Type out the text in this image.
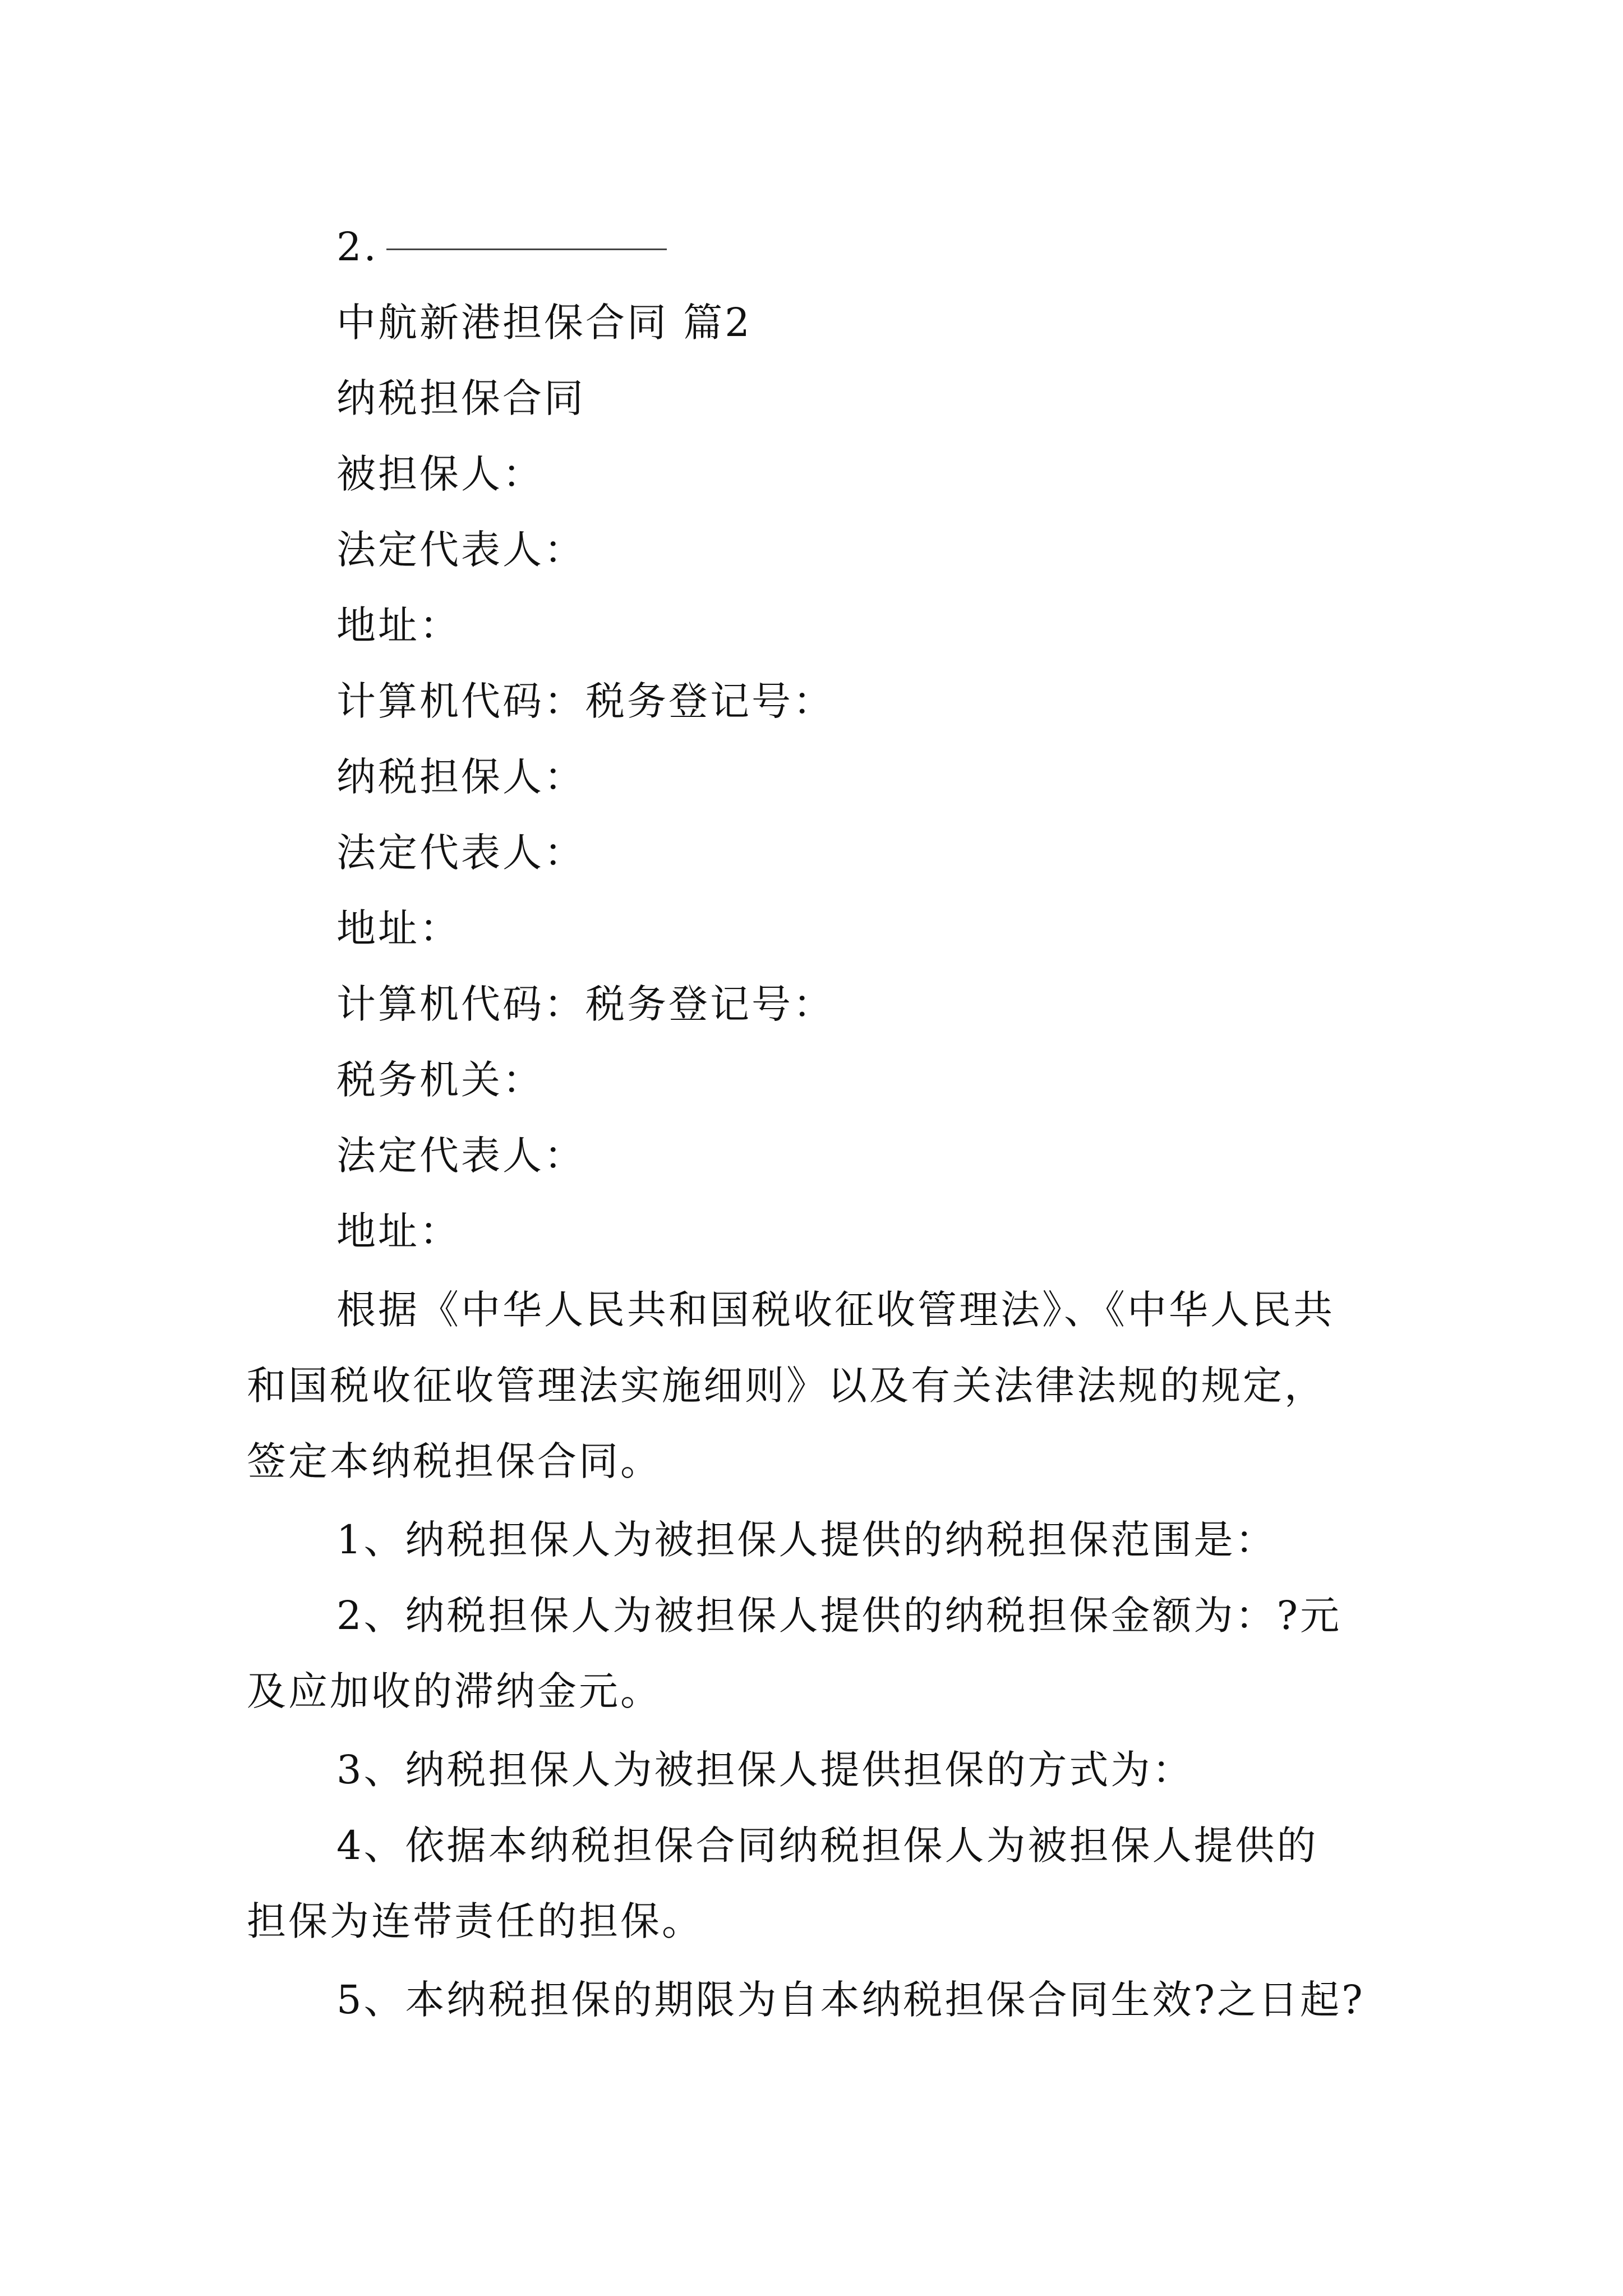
2.
中航新港担保合同 篇2
纳税担保合同
被担保人：
法定代表人：
地址：
计算机代码：税务登记号：
纳税担保人：
法定代表人：
地址：
计算机代码：税务登记号：
税务机关：
法定代表人：
地址：
根据《中华人民共和国税收征收管理法》、《中华人民共
和国税收征收管理法实施细则》以及有关法律法规的规定，
签定本纳税担保合同。
1、纳税担保人为被担保人提供的纳税担保范围是：
2、纳税担保人为被担保人提供的纳税担保金额为：?元
及应加收的滞纳金元。
3、纳税担保人为被担保人提供担保的方式为：
4、依据本纳税担保合同纳税担保人为被担保人提供的
担保为连带责任的担保。
5、本纳税担保的期限为自本纳税担保合同生效?之日起?
